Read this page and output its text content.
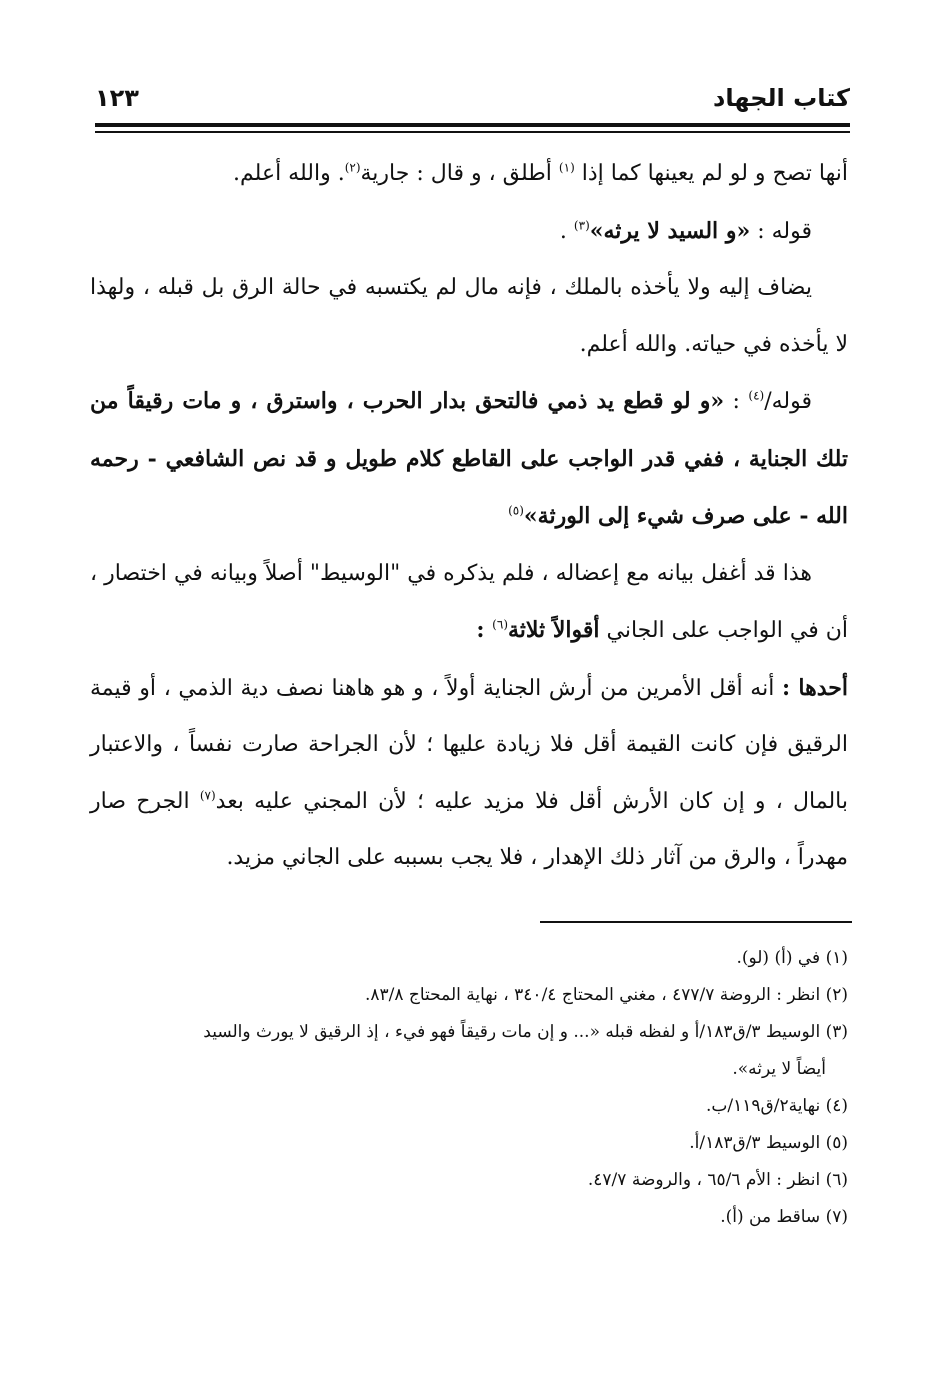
كتاب الجهاد
١٢٣

أنها تصح و لو لم يعينها كما إذا $^{(١)}$ أطلق ، و قال : جارية$^{(٢)}$. والله أعلم.

قوله : «و السيد لا يرثه»$^{(٣)}$ .

يضاف إليه ولا يأخذه بالملك ، فإنه مال لم يكتسبه في حالة الرق بل قبله ، ولهذا لا يأخذه في حياته. والله أعلم.

قوله/$^{(٤)}$ : «و لو قطع يد ذمي فالتحق بدار الحرب ، واسترق ، و مات رقيقاً من تلك الجناية ، ففي قدر الواجب على القاطع كلام طويل و قد نص الشافعي - رحمه الله - على صرف شيء إلى الورثة»$^{(٥)}$

هذا قد أغفل بيانه مع إعضاله ، فلم يذكره في "الوسيط" أصلاً وبيانه في اختصار ، أن في الواجب على الجاني أقوالاً ثلاثة$^{(٦)}$ :

أحدها : أنه أقل الأمرين من أرش الجناية أولاً ، و هو هاهنا نصف دية الذمي ، أو قيمة الرقيق فإن كانت القيمة أقل فلا زيادة عليها ؛ لأن الجراحة صارت نفساً ، والاعتبار بالمال ، و إن كان الأرش أقل فلا مزيد عليه ؛ لأن المجني عليه بعد$^{(٧)}$ الجرح صار مهدراً ، والرق من آثار ذلك الإهدار ، فلا يجب بسببه على الجاني مزيد.

(١) في (أ) (لو).

(٢) انظر : الروضة ٤٧٧/٧ ، مغني المحتاج ٣٤٠/٤ ، نهاية المحتاج ٨٣/٨.

(٣) الوسيط ٣/ق١٨٣/أ و لفظه قبله «... و إن مات رقيقاً فهو فيء ، إذ الرقيق لا يورث والسيد

أيضاً لا يرثه».

(٤) نهاية٢/ق١١٩/ب.

(٥) الوسيط ٣/ق١٨٣/أ.

(٦) انظر : الأم ٦٥/٦ ، والروضة ٤٧/٧.

(٧) ساقط من (أ).
